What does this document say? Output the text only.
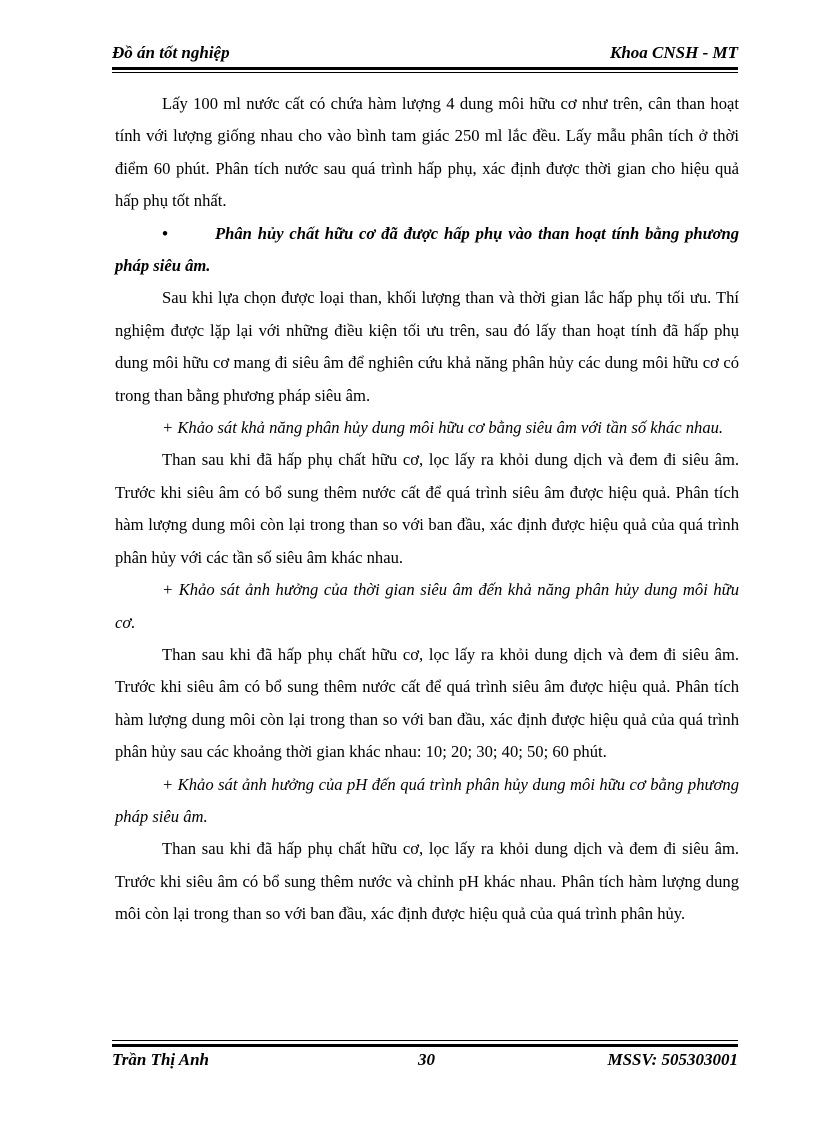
Đồ án tốt nghiệp	Khoa CNSH - MT

Lấy 100 ml nước cất có chứa hàm lượng 4 dung môi hữu cơ như trên, cân than hoạt tính với lượng giống nhau cho vào bình tam giác 250 ml lắc đều. Lấy mẫu phân tích ở thời điểm 60 phút. Phân tích nước sau quá trình hấp phụ, xác định được thời gian cho hiệu quả hấp phụ tốt nhất.

•	Phân hủy chất hữu cơ đã được hấp phụ vào than hoạt tính bằng phương pháp siêu âm.

Sau khi lựa chọn được loại than, khối lượng than và thời gian lắc hấp phụ tối ưu. Thí nghiệm được lặp lại với những điều kiện tối ưu trên, sau đó lấy than hoạt tính đã hấp phụ dung môi hữu cơ mang đi siêu âm để nghiên cứu khả năng phân hủy các dung môi hữu cơ có trong than bằng phương pháp siêu âm.

+ Khảo sát khả năng phân hủy dung môi hữu cơ bằng siêu âm với tần số khác nhau.

Than sau khi đã hấp phụ chất hữu cơ, lọc lấy ra khỏi dung dịch và đem đi siêu âm. Trước khi siêu âm có bổ sung thêm nước cất để quá trình siêu âm được hiệu quả. Phân tích hàm lượng dung môi còn lại trong than so với ban đầu, xác định được hiệu quả của quá trình phân hủy với các tần số siêu âm khác nhau.

+ Khảo sát ảnh hưởng của thời gian siêu âm đến khả năng phân hủy dung môi hữu cơ.

Than sau khi đã hấp phụ chất hữu cơ, lọc lấy ra khỏi dung dịch và đem đi siêu âm. Trước khi siêu âm có bổ sung thêm nước cất để quá trình siêu âm được hiệu quả. Phân tích hàm lượng dung môi còn lại trong than so với ban đầu, xác định được hiệu quả của quá trình phân hủy sau các khoảng thời gian khác nhau: 10; 20; 30; 40; 50; 60 phút.

+ Khảo sát ảnh hưởng của pH đến quá trình phân hủy dung môi hữu cơ bằng phương pháp siêu âm.

Than sau khi đã hấp phụ chất hữu cơ, lọc lấy ra khỏi dung dịch và đem đi siêu âm. Trước khi siêu âm có bổ sung thêm nước và chỉnh pH khác nhau. Phân tích hàm lượng dung môi còn lại trong than so với ban đầu, xác định được hiệu quả của quá trình phân hủy.

Trần Thị Anh	30	MSSV: 505303001
